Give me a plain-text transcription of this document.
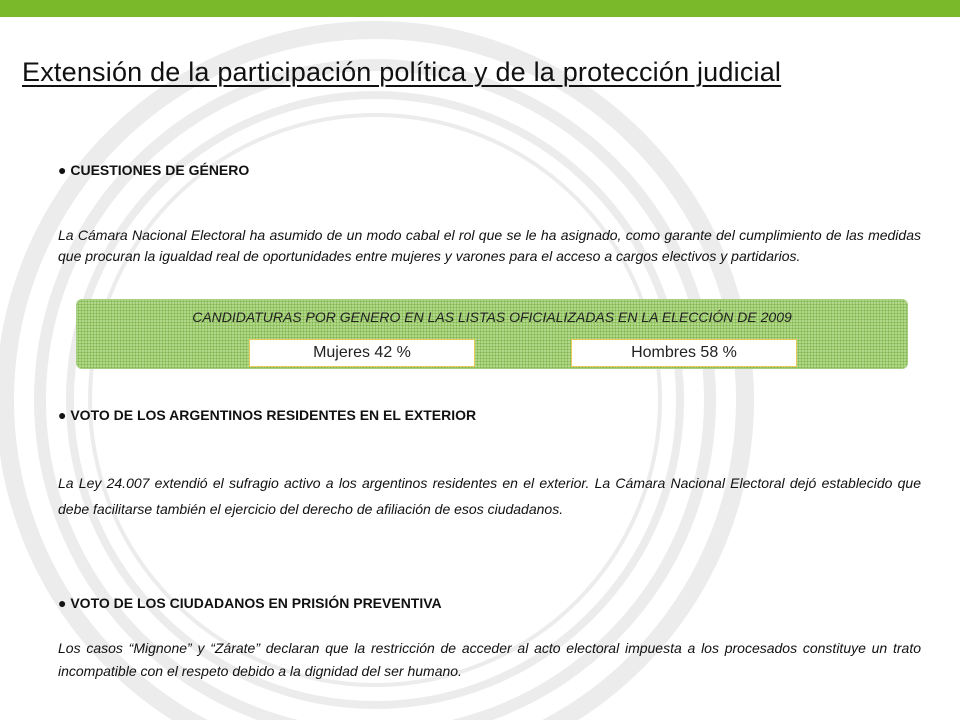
Extensión de la participación política y de la protección judicial
● CUESTIONES DE GÉNERO
La Cámara Nacional Electoral ha asumido de un modo cabal el rol que se le ha asignado, como garante del cumplimiento de las medidas que procuran la igualdad real de oportunidades entre mujeres y varones para el acceso a cargos electivos y partidarios.
CANDIDATURAS POR GENERO EN LAS LISTAS OFICIALIZADAS EN LA ELECCIÓN DE 2009
Mujeres 42 %	Hombres 58 %
● VOTO DE LOS ARGENTINOS RESIDENTES EN EL EXTERIOR
La Ley 24.007 extendió el sufragio activo a los argentinos residentes en el exterior. La Cámara Nacional Electoral dejó establecido que debe facilitarse también el ejercicio del derecho de afiliación de esos ciudadanos.
● VOTO DE LOS CIUDADANOS EN PRISIÓN PREVENTIVA
Los casos “Mignone” y “Zárate” declaran que la restricción de acceder al acto electoral impuesta a los procesados constituye un trato incompatible con el respeto debido a la dignidad del ser humano.
